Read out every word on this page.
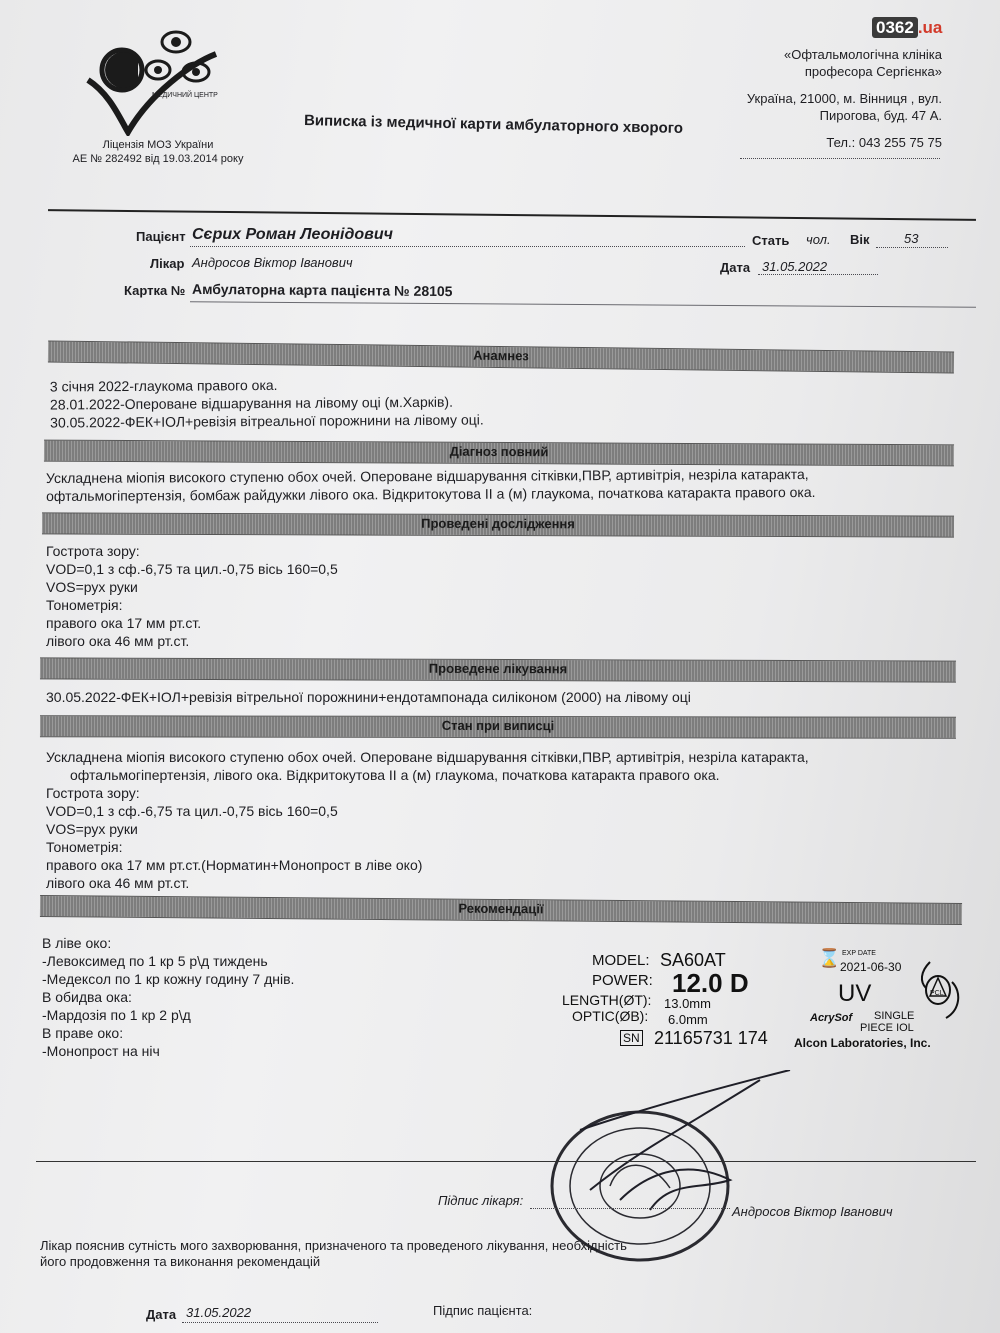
0362 .ua
МЕДИЧНИЙ ЦЕНТР
Ліцензія МОЗ України
АЕ № 282492 від 19.03.2014 року
«Офтальмологічна клініка
професора Сергієнка»
Україна, 21000, м. Вінниця , вул.
Пирогова, буд. 47 А.
Тел.: 043 255 75 75
Виписка із медичної карти амбулаторного хворого
Пацієнт Сєрих Роман Леонідович	Стать чол. Вік	53
Лікар Андросов Віктор Іванович	Дата 31.05.2022
Картка № Амбулаторна карта пацієнта № 28105
Анамнез
3 січня 2022-глаукома правого ока.
28.01.2022-Опероване відшарування на лівому оці (м.Харків).
30.05.2022-ФЕК+ІОЛ+ревізія вітреальної порожнини на лівому оці.
Діагноз повний
Ускладнена міопія високого ступеню обох очей. Опероване відшарування сітківки,ПВР, артивітрія, незріла катаракта,
офтальмогіпертензія, бомбаж райдужки лівого ока. Відкритокутова ІІ а (м) глаукома, початкова катаракта правого ока.
Проведені дослідження
Гострота зору:
VOD=0,1 з сф.-6,75 та цил.-0,75 вісь 160=0,5
VOS=рух руки
Тонометрія:
правого ока 17 мм рт.ст.
лівого ока 46 мм рт.ст.
Проведене лікування
30.05.2022-ФЕК+ІОЛ+ревізія вітрельної порожнини+ендотампонада силіконом (2000) на лівому оці
Стан при виписці
Ускладнена міопія високого ступеню обох очей. Опероване відшарування сітківки,ПВР, артивітрія, незріла катаракта,
офтальмогіпертензія, лівого ока. Відкритокутова ІІ а (м) глаукома, початкова катаракта правого ока.
Гострота зору:
VOD=0,1 з сф.-6,75 та цил.-0,75 вісь 160=0,5
VOS=рух руки
Тонометрія:
правого ока 17 мм рт.ст.(Норматин+Монопрост в ліве око)
лівого ока 46 мм рт.ст.
Рекомендації
В ліве око:
-Левоксимед по 1 кр 5 р\д тиждень
-Медексол по 1 кр кожну годину 7 днів.
В обидва ока:
-Мардозія по 1 кр 2 р\д
В праве око:
-Монопрост на ніч
MODEL: SA60AT
POWER: 12.0 D
LENGTH(ØT): 13.0mm
OPTIC(ØB): 6.0mm
SN 21165731 174
⌛ EXP DATE
2021-06-30
UV
AcrySof SINGLE
PIECE IOL
Alcon Laboratories, Inc.
PCL
Підпис лікаря:
Андросов Віктор Іванович
Лікар пояснив сутність мого захворювання, призначеного та проведеного лікування, необхідність
його продовження та виконання рекомендацій
Дата 31.05.2022	Підпис пацієнта:
